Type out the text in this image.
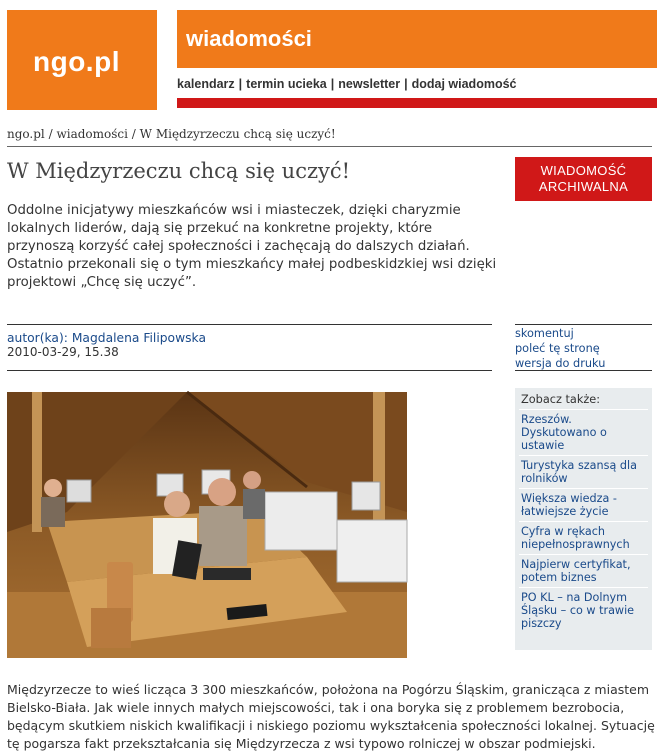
ngo.pl
wiadomości
kalendarz | termin ucieka | newsletter | dodaj wiadomość
ngo.pl / wiadomości / W Międzyrzeczu chcą się uczyć!
W Międzyrzeczu chcą się uczyć!	WIADOMOŚĆ ARCHIWALNA

Oddolne inicjatywy mieszkańców wsi i miasteczek, dzięki charyzmie lokalnych liderów, dają się przekuć na konkretne projekty, które przynoszą korzyść całej społeczności i zachęcają do dalszych działań. Ostatnio przekonali się o tym mieszkańcy małej podbeskidzkiej wsi dzięki projektowi „Chcę się uczyć”.

autor(ka): Magdalena Filipowska
2010-03-29, 15.38
skomentuj
poleć tę stronę
wersja do druku
Zobacz także:
Rzeszów. Dyskutowano o ustawie
Turystyka szansą dla rolników
Większa wiedza - łatwiejsze życie
Cyfra w rękach niepełnosprawnych
Najpierw certyfikat, potem biznes
PO KL – na Dolnym Śląsku – co w trawie piszczy

Międzyrzecze to wieś licząca 3 300 mieszkańców, położona na Pogórzu Śląskim, granicząca z miastem Bielsko-Biała. Jak wiele innych małych miejscowości, tak i ona boryka się z problemem bezrobocia, będącym skutkiem niskich kwalifikacji i niskiego poziomu wykształcenia społeczności lokalnej. Sytuację tę pogarsza fakt przekształcania się Międzyrzecza z wsi typowo rolniczej w obszar podmiejski.
